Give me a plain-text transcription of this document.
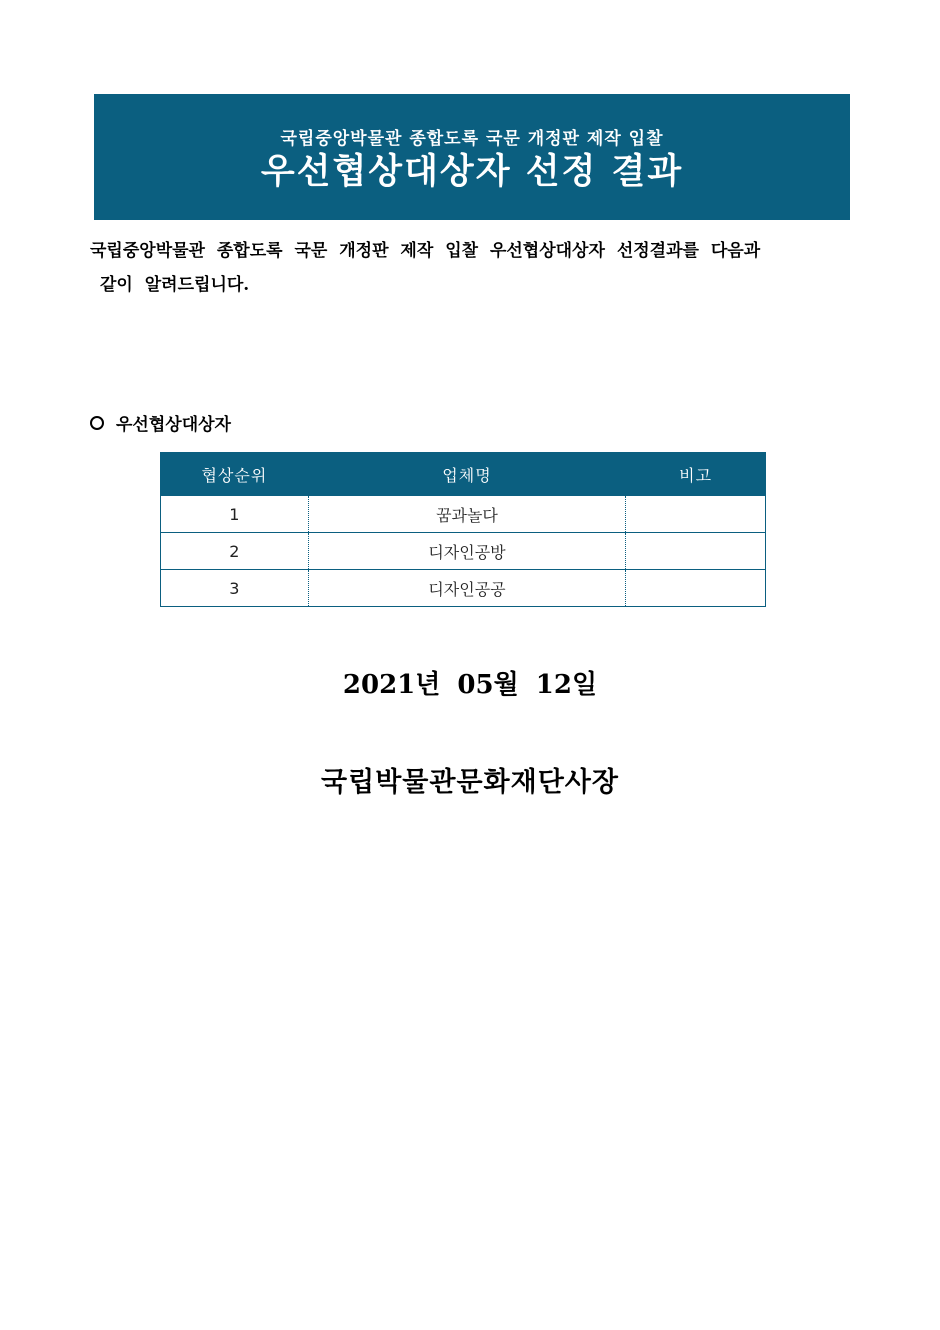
국립중앙박물관 종합도록 국문 개정판 제작 입찰
우선협상대상자 선정 결과
국립중앙박물관 종합도록 국문 개정판 제작 입찰 우선협상대상자 선정결과를 다음과
같이 알려드립니다.
우선협상대상자
협상순위	업체명	비고
1	꿈과놀다	
2	디자인공방	
3	디자인공공	
2021년 05월 12일
국립박물관문화재단사장
